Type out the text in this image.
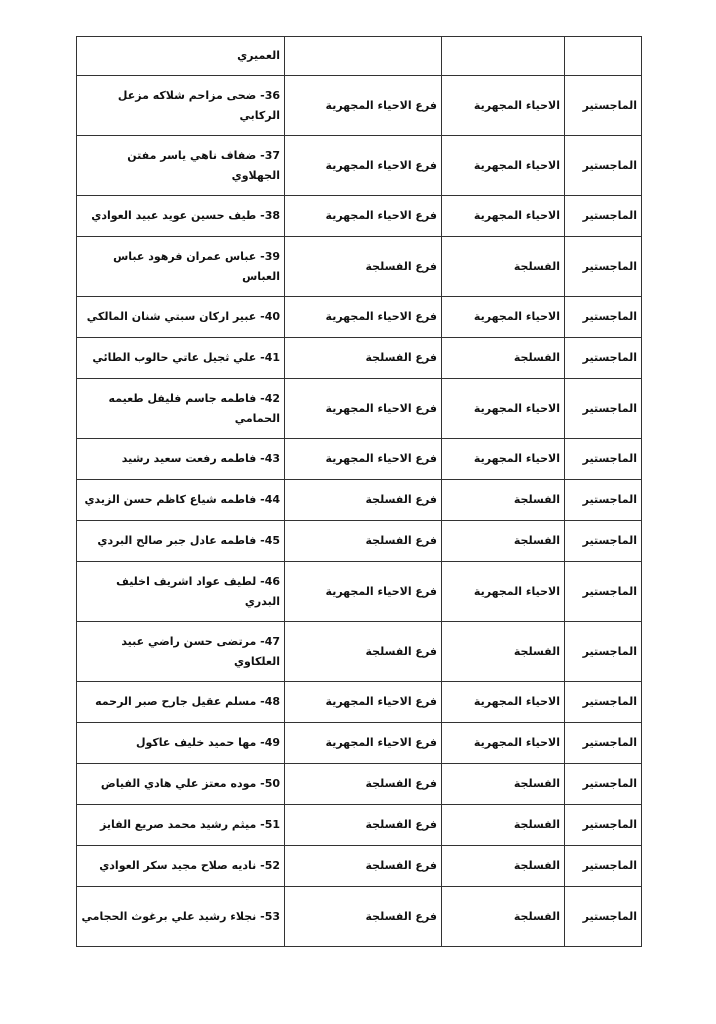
			العميري

الماجستير	الاحياء المجهرية	فرع الاحياء المجهرية	36- ضحى مزاحم شلاكه مزعل الركابي

الماجستير	الاحياء المجهرية	فرع الاحياء المجهرية	37- ضفاف ناهي ياسر مفتن الجهلاوي

الماجستير	الاحياء المجهرية	فرع الاحياء المجهرية	38- طيف حسين عويد عبيد العوادي

الماجستير	الفسلجة	فرع الفسلجة	39- عباس عمران فرهود عباس العباس

الماجستير	الاحياء المجهرية	فرع الاحياء المجهرية	40- عبير اركان سبتي شنان المالكي

الماجستير	الفسلجة	فرع الفسلجة	41- علي ثجيل عاتي حالوب الطائي

الماجستير	الاحياء المجهرية	فرع الاحياء المجهرية	42- فاطمه جاسم فليفل طعيمه الحمامي

الماجستير	الاحياء المجهرية	فرع الاحياء المجهرية	43- فاطمه رفعت سعيد رشيد

الماجستير	الفسلجة	فرع الفسلجة	44- فاطمه شياع كاظم حسن الزيدي

الماجستير	الفسلجة	فرع الفسلجة	45- فاطمه عادل جبر صالح البردي

الماجستير	الاحياء المجهرية	فرع الاحياء المجهرية	46- لطيف عواد اشريف اخليف البدري

الماجستير	الفسلجة	فرع الفسلجة	47- مرتضى حسن راضي عبيد العلكاوي

الماجستير	الاحياء المجهرية	فرع الاحياء المجهرية	48- مسلم عقيل جارح صبر الرحمه

الماجستير	الاحياء المجهرية	فرع الاحياء المجهرية	49- مها حميد خليف عاكول

الماجستير	الفسلجة	فرع الفسلجة	50- موده معتز علي هادي الفياض

الماجستير	الفسلجة	فرع الفسلجة	51- ميثم رشيد محمد صريع الفايز

الماجستير	الفسلجة	فرع الفسلجة	52- ناديه صلاح مجيد سكر العوادي

الماجستير	الفسلجة	فرع الفسلجة	53- نجلاء رشيد علي برغوث الحجامي
